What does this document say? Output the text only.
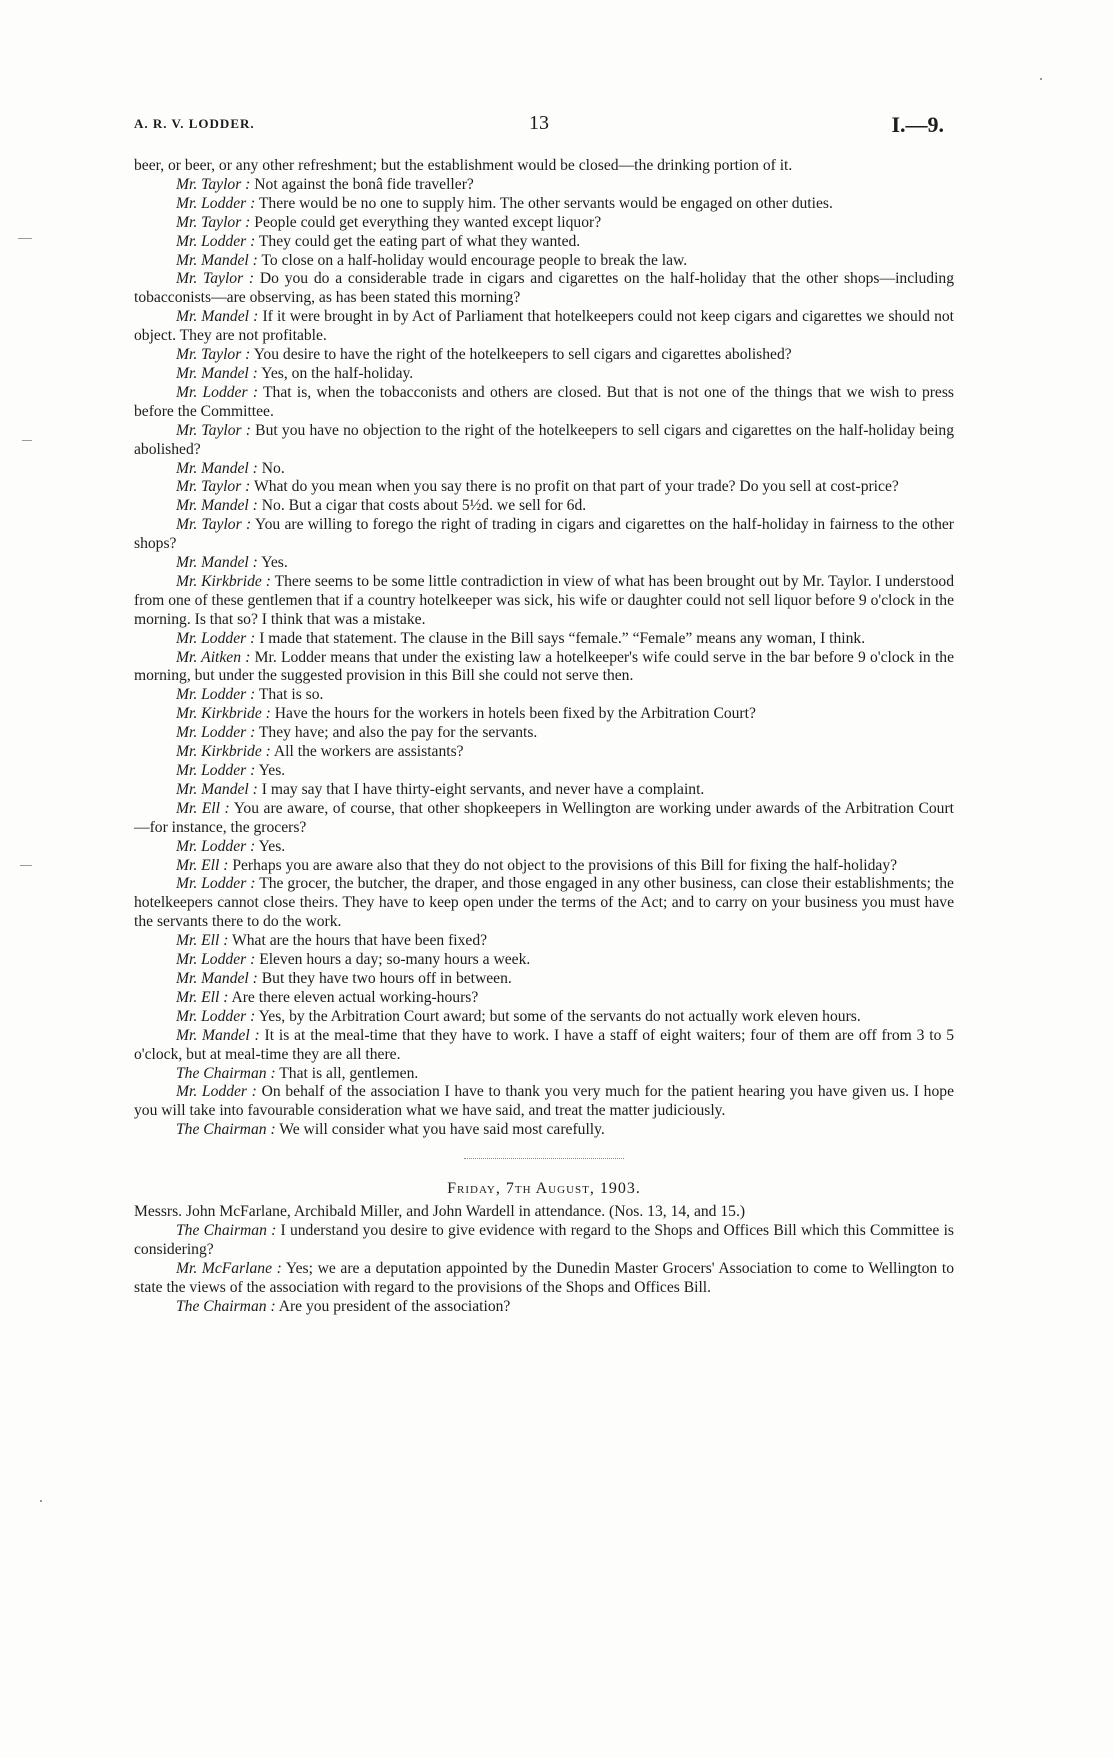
A. R. V. LODDER.	13	I.—9.

beer, or beer, or any other refreshment; but the establishment would be closed—the drinking portion of it.

Mr. Taylor : Not against the bonâ fide traveller?

Mr. Lodder : There would be no one to supply him. The other servants would be engaged on other duties.

Mr. Taylor : People could get everything they wanted except liquor?

Mr. Lodder : They could get the eating part of what they wanted.

Mr. Mandel : To close on a half-holiday would encourage people to break the law.

Mr. Taylor : Do you do a considerable trade in cigars and cigarettes on the half-holiday that the other shops—including tobacconists—are observing, as has been stated this morning?

Mr. Mandel : If it were brought in by Act of Parliament that hotelkeepers could not keep cigars and cigarettes we should not object. They are not profitable.

Mr. Taylor : You desire to have the right of the hotelkeepers to sell cigars and cigarettes abolished?

Mr. Mandel : Yes, on the half-holiday.

Mr. Lodder : That is, when the tobacconists and others are closed. But that is not one of the things that we wish to press before the Committee.

Mr. Taylor : But you have no objection to the right of the hotelkeepers to sell cigars and cigarettes on the half-holiday being abolished?

Mr. Mandel : No.

Mr. Taylor : What do you mean when you say there is no profit on that part of your trade? Do you sell at cost-price?

Mr. Mandel : No. But a cigar that costs about 5½d. we sell for 6d.

Mr. Taylor : You are willing to forego the right of trading in cigars and cigarettes on the half-holiday in fairness to the other shops?

Mr. Mandel : Yes.

Mr. Kirkbride : There seems to be some little contradiction in view of what has been brought out by Mr. Taylor. I understood from one of these gentlemen that if a country hotelkeeper was sick, his wife or daughter could not sell liquor before 9 o'clock in the morning. Is that so? I think that was a mistake.

Mr. Lodder : I made that statement. The clause in the Bill says “female.” “Female” means any woman, I think.

Mr. Aitken : Mr. Lodder means that under the existing law a hotelkeeper's wife could serve in the bar before 9 o'clock in the morning, but under the suggested provision in this Bill she could not serve then.

Mr. Lodder : That is so.

Mr. Kirkbride : Have the hours for the workers in hotels been fixed by the Arbitration Court?

Mr. Lodder : They have; and also the pay for the servants.

Mr. Kirkbride : All the workers are assistants?

Mr. Lodder : Yes.

Mr. Mandel : I may say that I have thirty-eight servants, and never have a complaint.

Mr. Ell : You are aware, of course, that other shopkeepers in Wellington are working under awards of the Arbitration Court—for instance, the grocers?

Mr. Lodder : Yes.

Mr. Ell : Perhaps you are aware also that they do not object to the provisions of this Bill for fixing the half-holiday?

Mr. Lodder : The grocer, the butcher, the draper, and those engaged in any other business, can close their establishments; the hotelkeepers cannot close theirs. They have to keep open under the terms of the Act; and to carry on your business you must have the servants there to do the work.

Mr. Ell : What are the hours that have been fixed?

Mr. Lodder : Eleven hours a day; so-many hours a week.

Mr. Mandel : But they have two hours off in between.

Mr. Ell : Are there eleven actual working-hours?

Mr. Lodder : Yes, by the Arbitration Court award; but some of the servants do not actually work eleven hours.

Mr. Mandel : It is at the meal-time that they have to work. I have a staff of eight waiters; four of them are off from 3 to 5 o'clock, but at meal-time they are all there.

The Chairman : That is all, gentlemen.

Mr. Lodder : On behalf of the association I have to thank you very much for the patient hearing you have given us. I hope you will take into favourable consideration what we have said, and treat the matter judiciously.

The Chairman : We will consider what you have said most carefully.

Friday, 7th August, 1903.

Messrs. John McFarlane, Archibald Miller, and John Wardell in attendance. (Nos. 13, 14, and 15.)

The Chairman : I understand you desire to give evidence with regard to the Shops and Offices Bill which this Committee is considering?

Mr. McFarlane : Yes; we are a deputation appointed by the Dunedin Master Grocers' Association to come to Wellington to state the views of the association with regard to the provisions of the Shops and Offices Bill.

The Chairman : Are you president of the association?
